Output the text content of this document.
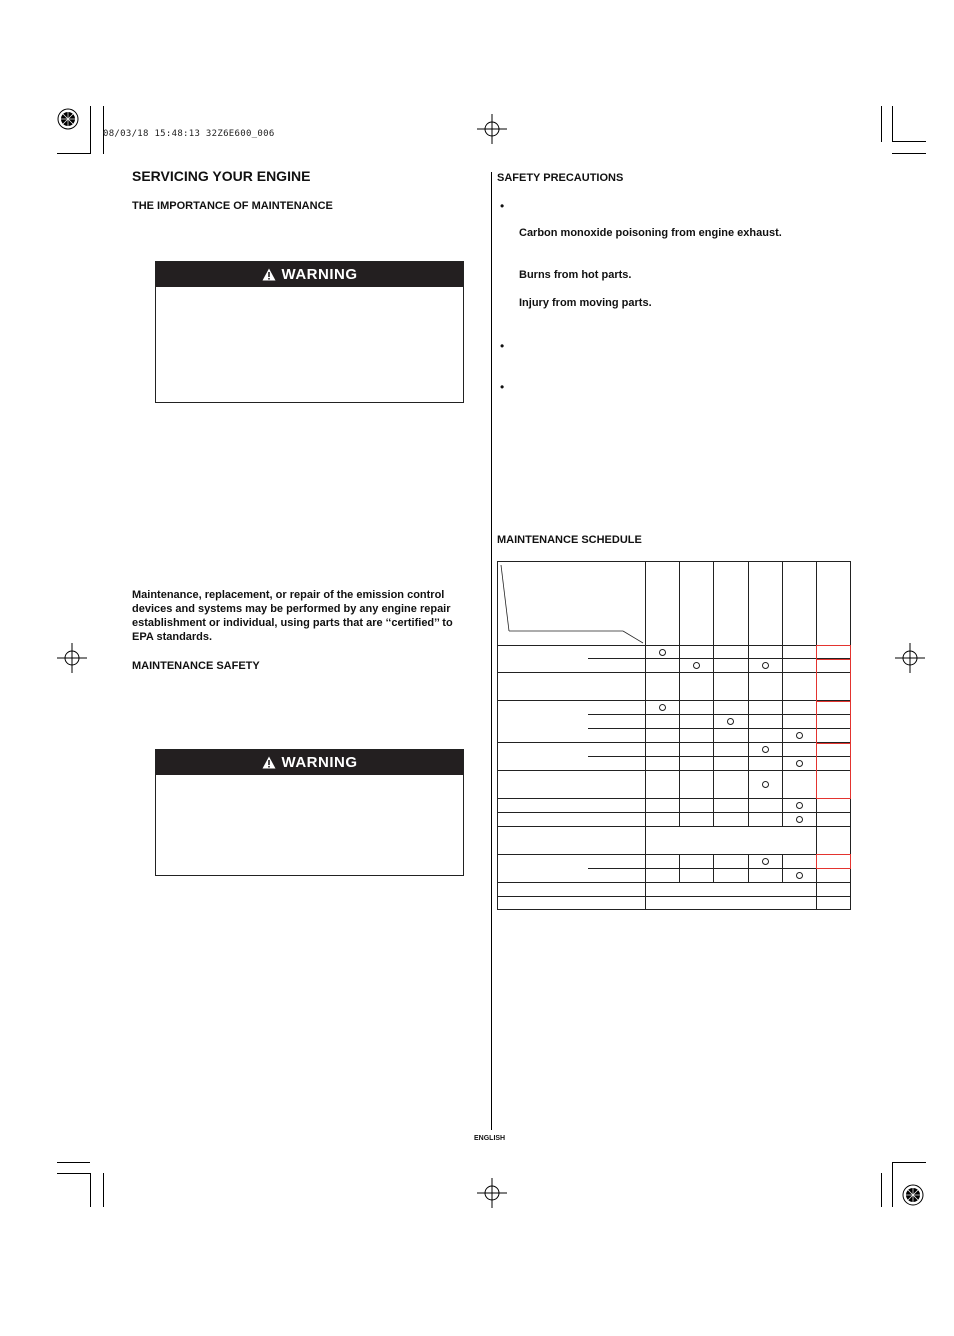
08/03/18 15:48:13 32Z6E600_006
SERVICING YOUR ENGINE
THE IMPORTANCE OF MAINTENANCE
WARNING
Maintenance, replacement, or repair of the emission control devices and systems may be performed by any engine repair establishment or individual, using parts that are ‘‘certified’’ to EPA standards.
MAINTENANCE SAFETY
WARNING
SAFETY PRECAUTIONS
•
Carbon monoxide poisoning from engine exhaust.
Burns from hot parts.
Injury from moving parts.
•
•
MAINTENANCE SCHEDULE
ENGLISH
